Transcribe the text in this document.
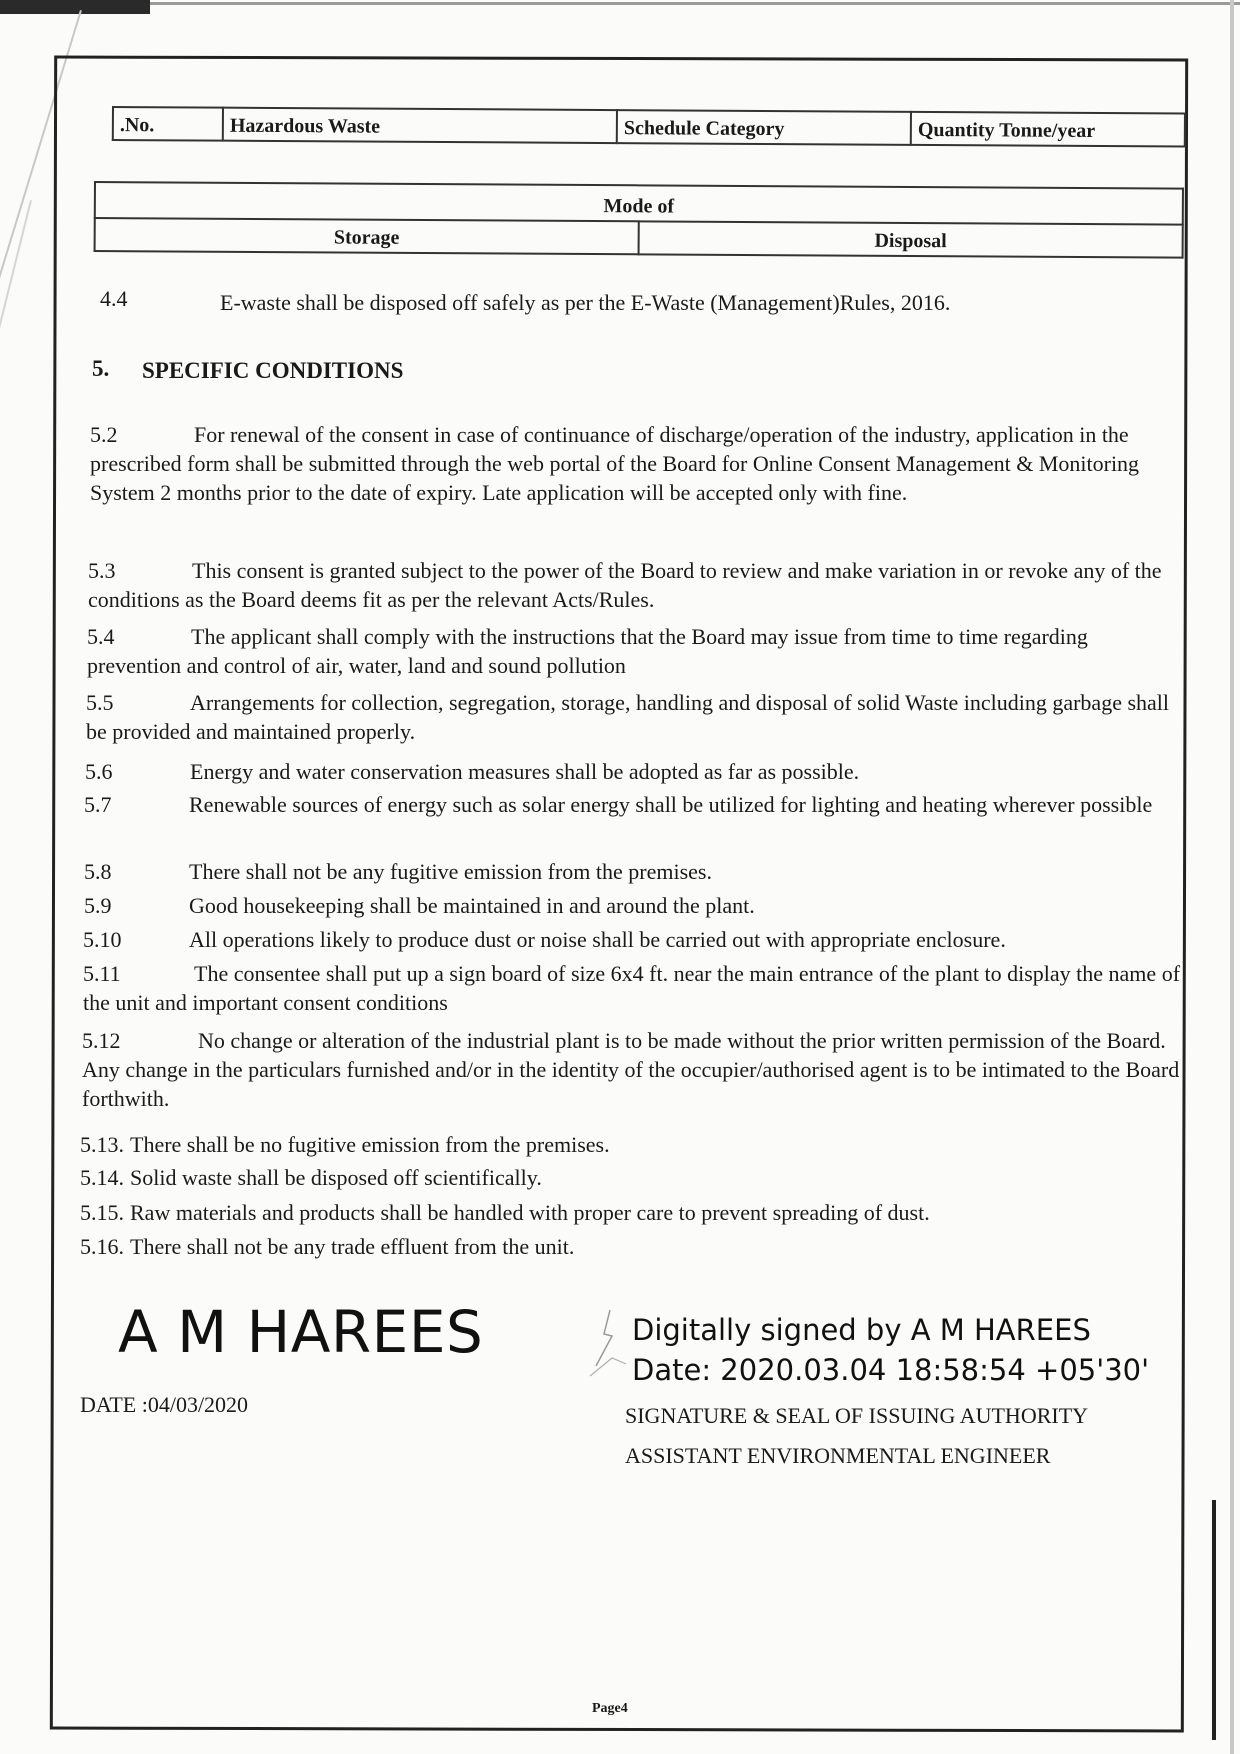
.No.	Hazardous Waste	Schedule Category	Quantity Tonne/year
Mode of
Storage	Disposal
4.4	E-waste shall be disposed off safely as per the E-Waste (Management)Rules, 2016.
5. SPECIFIC CONDITIONS
5.2	For renewal of the consent in case of continuance of discharge/operation of the industry, application in the prescribed form shall be submitted through the web portal of the Board for Online Consent Management & Monitoring System 2 months prior to the date of expiry. Late application will be accepted only with fine.
5.3	This consent is granted subject to the power of the Board to review and make variation in or revoke any of the conditions as the Board deems fit as per the relevant Acts/Rules.
5.4	The applicant shall comply with the instructions that the Board may issue from time to time regarding prevention and control of air, water, land and sound pollution
5.5	Arrangements for collection, segregation, storage, handling and disposal of solid Waste including garbage shall be provided and maintained properly.
5.6	Energy and water conservation measures shall be adopted as far as possible.
5.7	Renewable sources of energy such as solar energy shall be utilized for lighting and heating wherever possible
5.8	There shall not be any fugitive emission from the premises.
5.9	Good housekeeping shall be maintained in and around the plant.
5.10	All operations likely to produce dust or noise shall be carried out with appropriate enclosure.
5.11	The consentee shall put up a sign board of size 6x4 ft. near the main entrance of the plant to display the name of the unit and important consent conditions
5.12	No change or alteration of the industrial plant is to be made without the prior written permission of the Board. Any change in the particulars furnished and/or in the identity of the occupier/authorised agent is to be intimated to the Board forthwith.
5.13. There shall be no fugitive emission from the premises.
5.14. Solid waste shall be disposed off scientifically.
5.15. Raw materials and products shall be handled with proper care to prevent spreading of dust.
5.16. There shall not be any trade effluent from the unit.
A M HAREES	Digitally signed by A M HAREES
Date: 2020.03.04 18:58:54 +05'30'
DATE :04/03/2020	SIGNATURE & SEAL OF ISSUING AUTHORITY
ASSISTANT ENVIRONMENTAL ENGINEER
Page4
